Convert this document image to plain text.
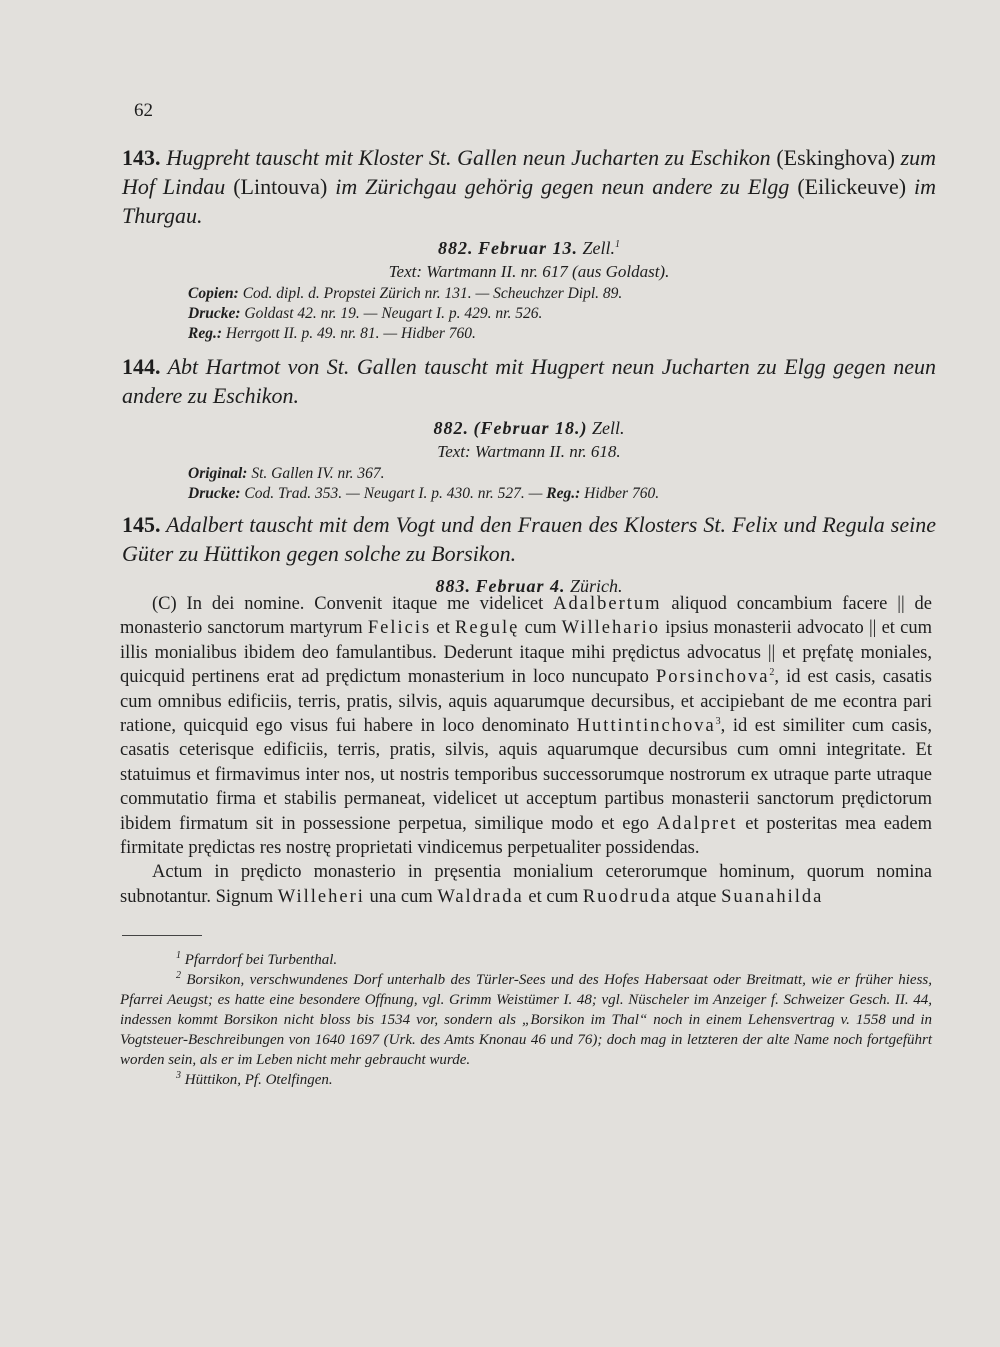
62
143. Hugpreht tauscht mit Kloster St. Gallen neun Jucharten zu Eschikon (Eskinghova) zum Hof Lindau (Lintouva) im Zürichgau gehörig gegen neun andere zu Elgg (Eilickeuve) im Thurgau.
882. Februar 13. Zell.$^1$
Text: Wartmann II. nr. 617 (aus Goldast).
Copien: Cod. dipl. d. Propstei Zürich nr. 131. — Scheuchzer Dipl. 89.
Drucke: Goldast 42. nr. 19. — Neugart I. p. 429. nr. 526.
Reg.: Herrgott II. p. 49. nr. 81. — Hidber 760.
144. Abt Hartmot von St. Gallen tauscht mit Hugpert neun Jucharten zu Elgg gegen neun andere zu Eschikon.
882. (Februar 18.) Zell.
Text: Wartmann II. nr. 618.
Original: St. Gallen IV. nr. 367.
Drucke: Cod. Trad. 353. — Neugart I. p. 430. nr. 527. — Reg.: Hidber 760.
145. Adalbert tauscht mit dem Vogt und den Frauen des Klosters St. Felix und Regula seine Güter zu Hüttikon gegen solche zu Borsikon.
883. Februar 4. Zürich.

(C) In dei nomine. Convenit itaque me videlicet Adalbertum aliquod concambium facere || de monasterio sanctorum martyrum Felicis et Regulę cum Willehario ipsius monasterii advocato || et cum illis monialibus ibidem deo famulantibus. Dederunt itaque mihi prędictus advocatus || et pręfatę moniales, quicquid pertinens erat ad prędictum monasterium in loco nuncupato Porsinchova$^2$, id est casis, casatis cum omnibus edificiis, terris, pratis, silvis, aquis aquarumque decursibus, et accipiebant de me econtra pari ratione, quicquid ego visus fui habere in loco denominato Huttintinchova$^3$, id est similiter cum casis, casatis ceterisque edificiis, terris, pratis, silvis, aquis aquarumque decursibus cum omni integritate. Et statuimus et firmavimus inter nos, ut nostris temporibus successorumque nostrorum ex utraque parte utraque commutatio firma et stabilis permaneat, videlicet ut acceptum partibus monasterii sanctorum prędictorum ibidem firmatum sit in possessione perpetua, similique modo et ego Adalpret et posteritas mea eadem firmitate prędictas res nostrę proprietati vindicemus perpetualiter possidendas.

Actum in prędicto monasterio in pręsentia monialium ceterorumque hominum, quorum nomina subnotantur. Signum Willeheri una cum Waldrada et cum Ruodruda atque Suanahilda

$^1$ Pfarrdorf bei Turbenthal.

$^2$ Borsikon, verschwundenes Dorf unterhalb des Türler-Sees und des Hofes Habersaat oder Breitmatt, wie er früher hiess, Pfarrei Aeugst; es hatte eine besondere Offnung, vgl. Grimm Weistümer I. 48; vgl. Nüscheler im Anzeiger f. Schweizer Gesch. II. 44, indessen kommt Borsikon nicht bloss bis 1534 vor, sondern als „Borsikon im Thal“ noch in einem Lehensvertrag v. 1558 und in Vogtsteuer-Beschreibungen von 1640 1697 (Urk. des Amts Knonau 46 und 76); doch mag in letzteren der alte Name noch fortgeführt worden sein, als er im Leben nicht mehr gebraucht wurde.

$^3$ Hüttikon, Pf. Otelfingen.
